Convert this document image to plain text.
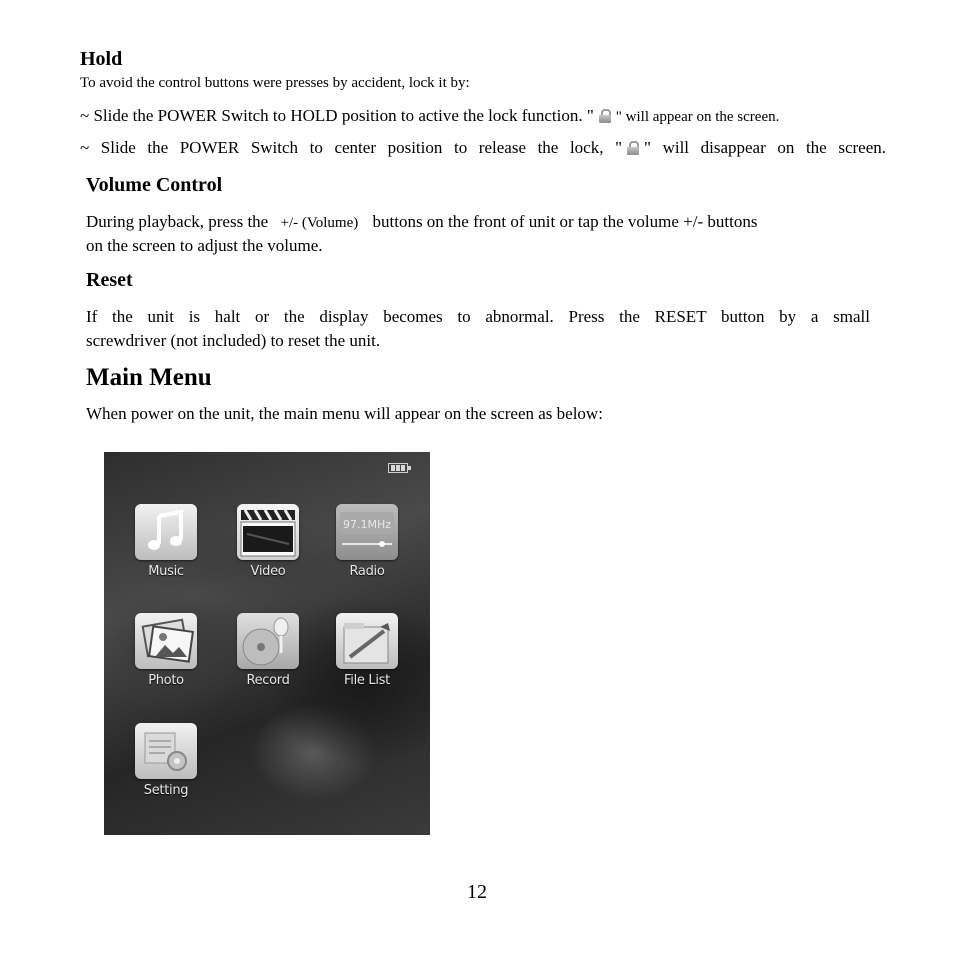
Hold
To avoid the control buttons were presses by accident, lock it by:
~ Slide the POWER Switch to HOLD position to active the lock function. " " will appear on the screen.
~ Slide the POWER Switch to center position to release the lock, " " will disappear on the screen.
Volume Control
During playback, press the +/- (Volume) buttons on the front of unit or tap the volume +/- buttons
on the screen to adjust the volume.
Reset
If the unit is halt or the display becomes to abnormal. Press the RESET button by a small
screwdriver (not included) to reset the unit.
Main Menu
When power on the unit, the main menu will appear on the screen as below:
Music	Video
97.1MHz
Radio
Photo	Record	File List
Setting
12
